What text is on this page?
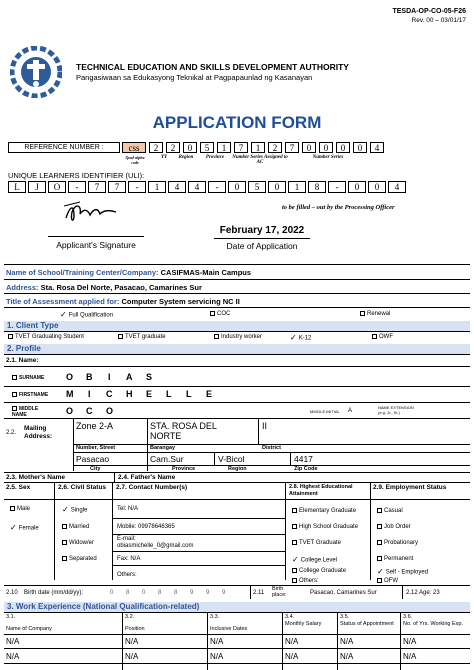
TESDA-OP-CO-05-F26
Rev. 00 – 03/01/17
TECHNICAL EDUCATION AND SKILLS DEVELOPMENT AUTHORITY
Pangasiwaan sa Edukasyong Teknikal at Pagpapaunlad ng Kasanayan
APPLICATION FORM
REFERENCE NUMBER :	css	2	2	0	5	1	7	1	2	7	0	0	0	0	4
Qual-alpha code
YY	Region	Province	Number Series Assigned to AC
Number Series
UNIQUE LEARNERS IDENTIFIER (ULI):
L	J	O	-	7	7	-	1	4	4	-	0	5	0	1	8	-	0	0	4
to be filled – out by the Processing Officer
Applicant's Signature
February 17, 2022
Date of Application
Name of School/Training Center/Company: CASIFMAS-Main Campus
Address: Sta. Rosa Del Norte, Pasacao, Camarines Sur
Title of Assessment applied for: Computer System servicing NC II
✓ Full Qualification	COC	Renewal
1. Client Type
TVET Graduating Student	TVET graduate	Industry worker	✓ K-12	OWF
2. Profile
2.1. Name:
SURNAME O B I A S
FIRSTNAME M I C H E L L E
MIDDLE NAME	O C O	MIDDLE INITIAL A
NAME EXTENSION (e.g. Jr., Sr.)
2.2.
Mailing Address:
Zone 2-A	STA. ROSA DEL NORTE
II
Number, Street	Barangay	District
Pasacao	Cam.Sur	V-Bicol	4417
City	Province	Region	Zip Code
2.3. Mother's Name	2.4. Father's Name
2.5. Sex	2.6. Civil Status 2.7. Contact Number(s)	2.8. Highest Educational Attainment
2.9. Employment Status
Male
✓ Female
✓ Single
Married
Widow/er
Separated
Tel: N/A
Mobile: 09978646365
E-mail:
obiasmichelle_0@gmail.com
Fax: N/A
Others:
Elementary Graduate
High School Graduate
TVET Graduate
✓ College Level
College Graduate
Others:
Casual
Job Order
Probationary
Permanent
✓ Self - Employed
OFW
2.10 Birth date (mm/dd/yy):	0 8 0 8 8 9 9 9	2.11
Birth place:	Pasacao, Camarines Sur	2.12 Age: 23
3. Work Experience (National Qualification-related)
3.1.	3.2.	3.3.	3.4.	3.5.	3.6.
Name of Company	Position	Inclusive Dates
Monthly Salary	Status of Appointment	No. of Yrs. Working Exp.
N/A	N/A	N/A	N/A	N/A	N/A
N/A	N/A	N/A	N/A	N/A	N/A
